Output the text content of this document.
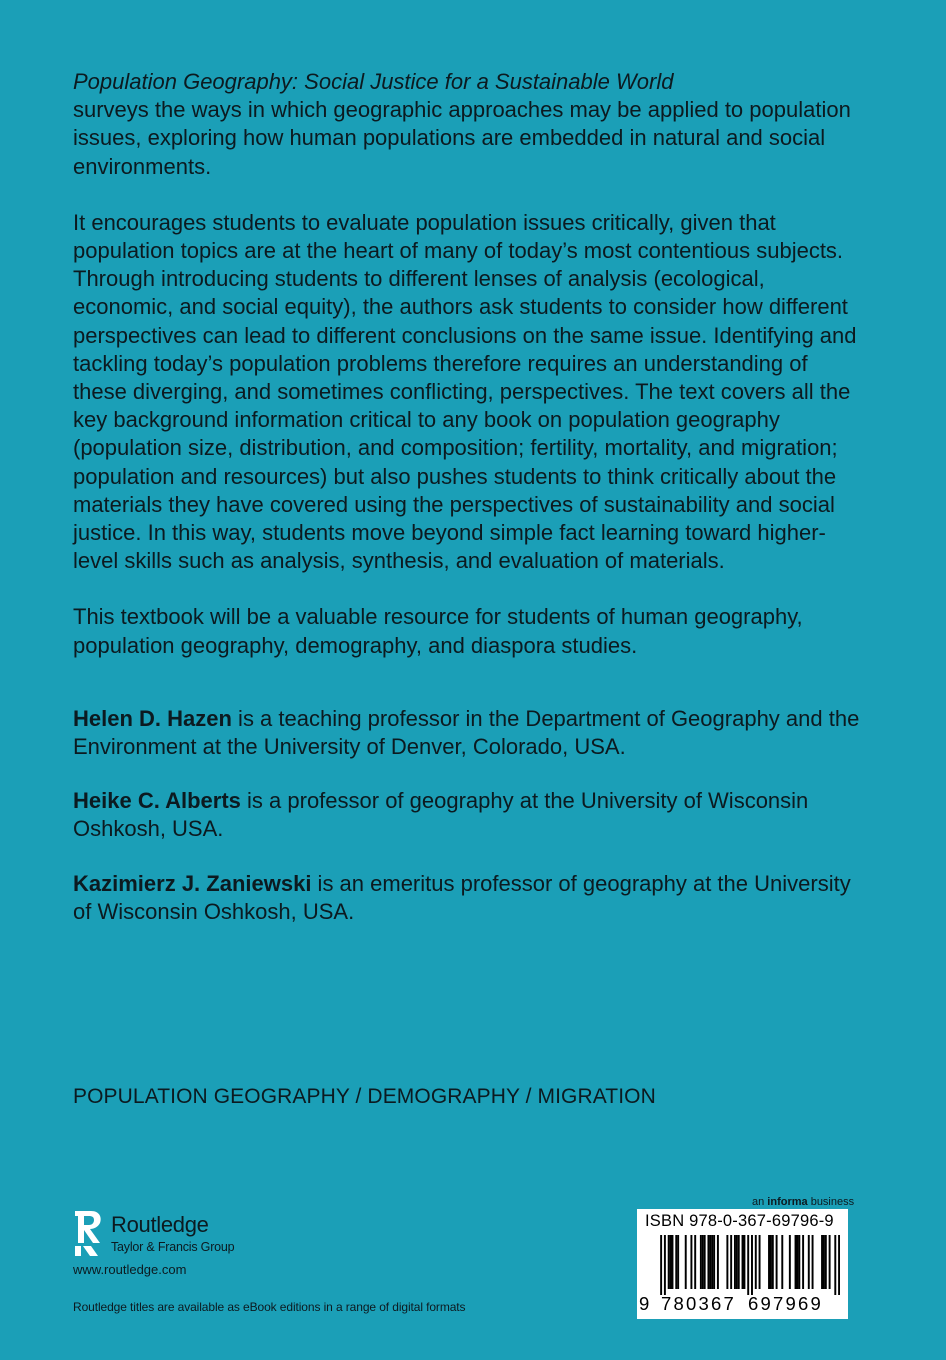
Population Geography: Social Justice for a Sustainable World
surveys the ways in which geographic approaches may be applied to population issues, exploring how human populations are embedded in natural and social environments.

It encourages students to evaluate population issues critically, given that population topics are at the heart of many of today’s most contentious subjects. Through introducing students to different lenses of analysis (ecological, economic, and social equity), the authors ask students to consider how different perspectives can lead to different conclusions on the same issue. Identifying and tackling today’s population problems therefore requires an understanding of these diverging, and sometimes conflicting, perspectives. The text covers all the key background information critical to any book on population geography (population size, distribution, and composition; fertility, mortality, and migration; population and resources) but also pushes students to think critically about the materials they have covered using the perspectives of sustainability and social justice. In this way, students move beyond simple fact learning toward higher-level skills such as analysis, synthesis, and evaluation of materials.

This textbook will be a valuable resource for students of human geography, population geography, demography, and diaspora studies.

Helen D. Hazen is a teaching professor in the Department of Geography and the Environment at the University of Denver, Colorado, USA.

Heike C. Alberts is a professor of geography at the University of Wisconsin Oshkosh, USA.

Kazimierz J. Zaniewski is an emeritus professor of geography at the University of Wisconsin Oshkosh, USA.

POPULATION GEOGRAPHY / DEMOGRAPHY / MIGRATION
Routledge
Taylor & Francis Group
www.routledge.com
Routledge titles are available as eBook editions in a range of digital formats
an informa business
ISBN 978-0-367-69796-9
9 780367 697969
